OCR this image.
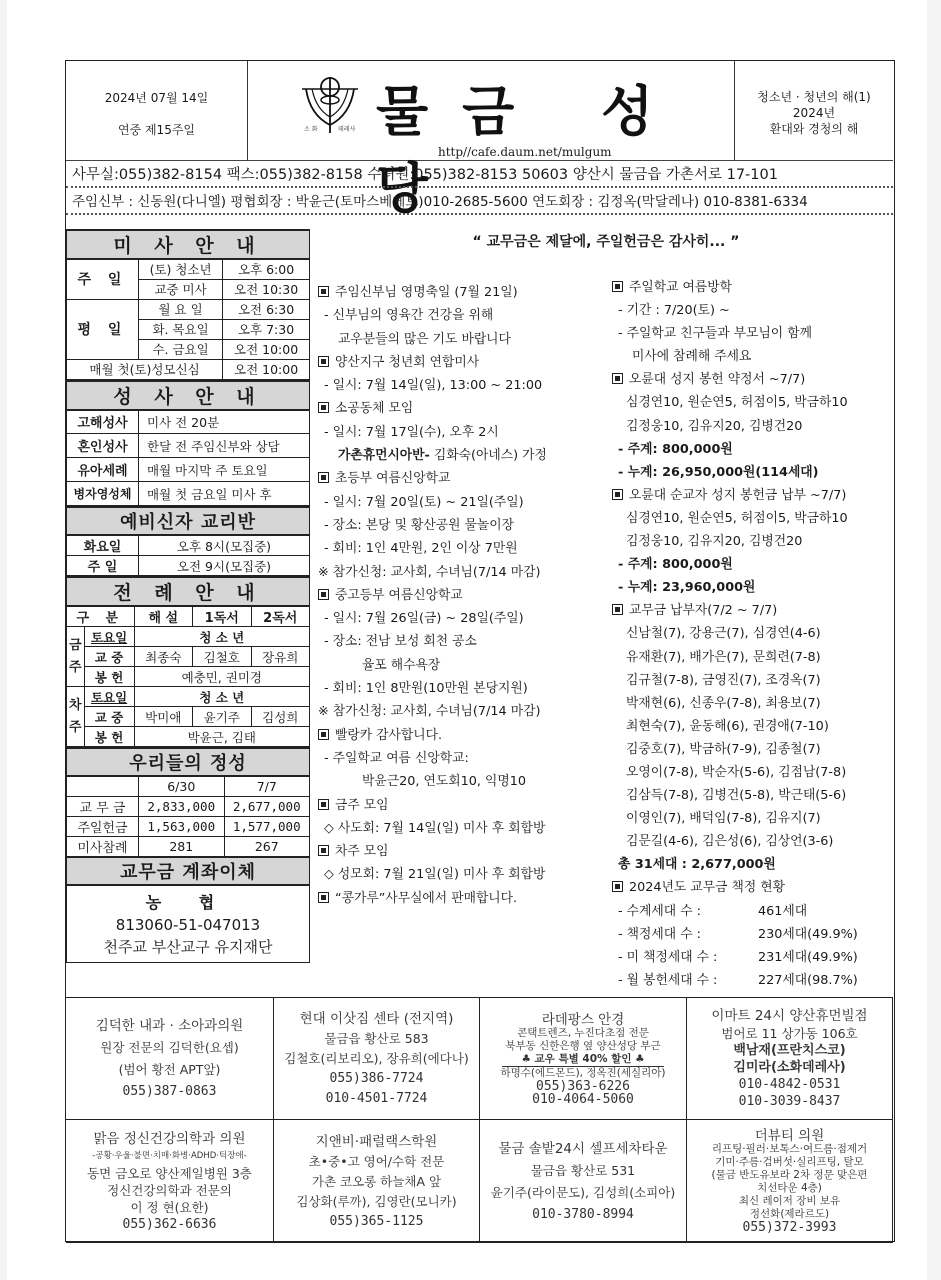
2024년 07월 14일
연중 제15주일	소 화	데레사 물금 성당
http//cafe.daum.net/mulgum
청소년 · 청년의 해(1)
2024년
환대와 경청의 해
사무실:055)382-8154 팩스:055)382-8158 수녀원:055)382-8153 50603 양산시 물금읍 가촌서로 17-101
주임신부 : 신동원(다니엘) 평협회장 : 박윤근(토마스베케트)010-2685-5600 연도회장 : 김정옥(막달레나) 010-8381-6334
미 사 안 내		
주 일	(토) 청소년	오후 6:00
	교중 미사	오전 10:30
평 일	월 요 일	오전 6:30
	화. 목요일	오후 7:30
	수. 금요일	오전 10:00
매월 첫(토)성모신심		오전 10:00
성 사 안 내	
고해성사	미사 전 20분
혼인성사	한달 전 주임신부와 상담
유아세례	매월 마지막 주 토요일
병자영성체	매월 첫 금요일 미사 후
예비신자 교리반	
화요일	오후 8시(모집중)
주 일	오전 9시(모집중)
전 례 안 내				
구 분		해 설	1독서	2독서
금 주	토요일	청 소 년		
	교 중	최종숙	김철호	장유희
	봉 헌	예충민, 권미경		
차 주	토요일	청 소 년		
	교 중	박미애	윤기주	김성희
	봉 헌	박윤근, 김태		
우리들의 정성		
	6/30	7/7
교 무 금	2,833,000	2,677,000
주일헌금	1,563,000	1,577,000
미사참례	281	267
교무금 계좌이체		
농 협
813060-51-047013
천주교 부산교구 유지재단
“ 교무금은 제달에, 주일헌금은 감사히... ”
주임신부님 영명축일 (7월 21일)
- 신부님의 영육간 건강을 위해
교우분들의 많은 기도 바랍니다
양산지구 청년회 연합미사
- 일시: 7월 14일(일), 13:00 ~ 21:00
소공동체 모임
- 일시: 7월 17일(수), 오후 2시
가촌휴먼시아반- 김화숙(아네스) 가정
초등부 여름신앙학교
- 일시: 7월 20일(토) ~ 21일(주일)
- 장소: 본당 및 황산공원 물놀이장
- 회비: 1인 4만원, 2인 이상 7만원
※ 참가신청: 교사회, 수녀님(7/14 마감)
중고등부 여름신앙학교
- 일시: 7월 26일(금) ~ 28일(주일)
- 장소: 전남 보성 회천 공소
율포 해수욕장
- 회비: 1인 8만원(10만원 본당지원)
※ 참가신청: 교사회, 수녀님(7/14 마감)
빨랑카 감사합니다.
- 주일학교 여름 신앙학교:
박윤근20, 연도회10, 익명10
금주 모임
◇ 사도회: 7월 14일(일) 미사 후 회합방
차주 모임
◇ 성모회: 7월 21일(일) 미사 후 회합방
“콩가루”사무실에서 판매합니다.
주일학교 여름방학
- 기간 : 7/20(토) ~
- 주일학교 친구들과 부모님이 함께
미사에 참례해 주세요
오륜대 성지 봉헌 약정서 ~7/7)
심경연10, 원순연5, 허점이5, 박금하10
김정웅10, 김유지20, 김병건20
- 주계: 800,000원
- 누계: 26,950,000원(114세대)
오륜대 순교자 성지 봉헌금 납부 ~7/7)
심경연10, 원순연5, 허점이5, 박금하10
김정웅10, 김유지20, 김병건20
- 주계: 800,000원
- 누계: 23,960,000원
교무금 납부자(7/2 ~ 7/7)
신남철(7), 강용근(7), 심경연(4-6)
유재환(7), 배가은(7), 문희련(7-8)
김규철(7-8), 금영진(7), 조경옥(7)
박재현(6), 신종우(7-8), 최용보(7)
최현숙(7), 윤동해(6), 권경애(7-10)
김중호(7), 박금하(7-9), 김종철(7)
오영이(7-8), 박순자(5-6), 김점남(7-8)
김삼득(7-8), 김병건(5-8), 박근태(5-6)
이영인(7), 배덕임(7-8), 김유지(7)
김문길(4-6), 김은성(6), 김상언(3-6)
총 31세대 : 2,677,000원
2024년도 교무금 책정 현황
- 수계세대 수 :	461세대
- 책정세대 수 :	230세대(49.9%)
- 미 책정세대 수 :	231세대(49.9%)
- 월 봉헌세대 수 :	227세대(98.7%)
김덕한 내과 · 소아과의원
원장 전문의 김덕한(요셉)
(범어 황전 APT앞)
055)387-0863
현대 이삿짐 센타 (전지역)
물금읍 황산로 583
김철호(리보리오), 장유희(에다나)
055)386-7724
010-4501-7724
라데팡스 안경
콘택트렌즈, 누진다초점 전문
북부동 신한은행 옆 양산성당 부근
♣ 교우 특별 40% 할인 ♣
하명수(에드몬드), 정옥진(세실리아)
055)363-6226
010-4064-5060
이마트 24시 양산휴먼빌점
범어로 11 상가동 106호
백남재(프란치스코)
김미라(소화데레사)
010-4842-0531
010-3039-8437
맑음 정신건강의학과 의원
-공황·우울·불면·치매·화병·ADHD·틱장애-
동면 금오로 양산제일병원 3층
정신건강의학과 전문의
이 정 현(요한)
055)362-6636
지앤비·패럴랙스학원
초•중•고 영어/수학 전문
가촌 코오롱 하늘채A 앞
김상화(루까), 김영란(모니카)
055)365-1125
물금 솔밭24시 셀프세차타운
물금읍 황산로 531
윤기주(라이문도), 김성희(소피아)
010-3780-8994
더뷰티 의원
리프팅·필러·보톡스·여드름·점제거
기미·주름·검버섯·실리프팅, 탈모
(물금 반도유보라 2차 정문 맞은편
치선타운 4층)
최신 레이저 장비 보유
정선화(제라르도)
055)372-3993
